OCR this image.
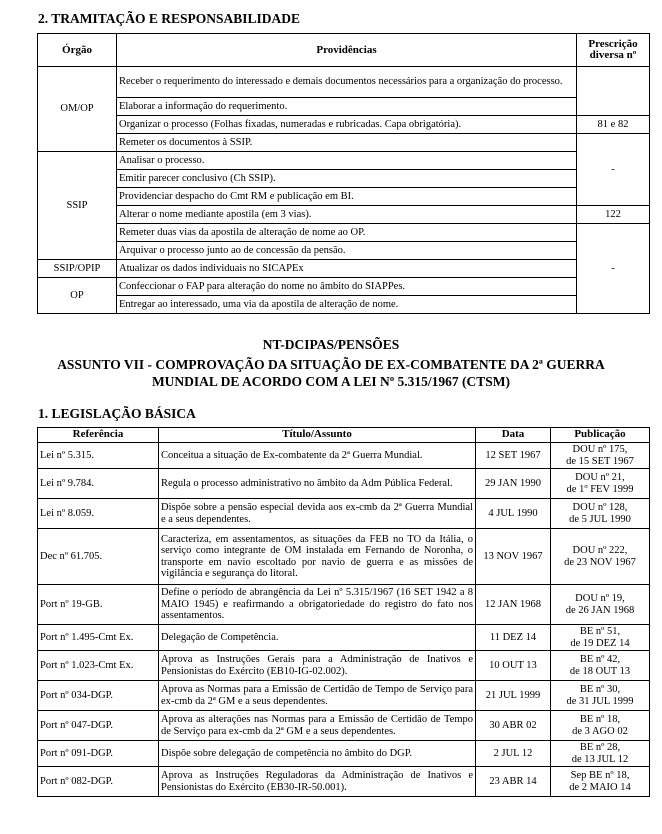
2. TRAMITAÇÃO E RESPONSABILIDADE
Órgão	Providências	Prescrição diversa nº
OM/OP	Receber o requerimento do interessado e demais documentos necessários para a organização do processo.	
	Elaborar a informação do requerimento.	
	Organizar o processo (Folhas fixadas, numeradas e rubricadas. Capa obrigatória).	81 e 82
	Remeter os documentos à SSIP.	-
SSIP	Analisar o processo.	
	Emitir parecer conclusivo (Ch SSIP).	
	Providenciar despacho do Cmt RM e publicação em BI.	
	Alterar o nome mediante apostila (em 3 vias).	122
	Remeter duas vias da apostila de alteração de nome ao OP.	-
	Arquivar o processo junto ao de concessão da pensão.	
SSIP/OPIP	Atualizar os dados individuais no SICAPEx	
OP	Confeccionar o FAP para alteração do nome no âmbito do SIAPPes.	
	Entregar ao interessado, uma via da apostila de alteração de nome.	
NT-DCIPAS/PENSÕES
ASSUNTO VII - COMPROVAÇÃO DA SITUAÇÃO DE EX-COMBATENTE DA 2ª GUERRA
MUNDIAL DE ACORDO COM A LEI Nº 5.315/1967 (CTSM)
1. LEGISLAÇÃO BÁSICA
Referência	Título/Assunto	Data	Publicação
Lei nº 5.315.	Conceitua a situação de Ex-combatente da 2ª Guerra Mundial.	12 SET 1967	DOU nº 175,
de 15 SET 1967

Lei nº 9.784.	Regula o processo administrativo no âmbito da Adm Pública Federal.	29 JAN 1990	DOU nº 21,
de 1º FEV 1999

Lei nº 8.059.	Dispõe sobre a pensão especial devida aos ex-cmb da 2ª Guerra Mundial e a seus dependentes.	4 JUL 1990	DOU nº 128,
de 5 JUL 1990

Dec nº 61.705.	Caracteriza, em assentamentos, as situações da FEB no TO da Itália, o serviço como integrante de OM instalada em Fernando de Noronha, o transporte em navio escoltado por navio de guerra e as missões de vigilância e segurança do litoral.	13 NOV 1967	DOU nº 222,
de 23 NOV 1967

Port nº 19-GB.	Define o período de abrangência da Lei nº 5.315/1967 (16 SET 1942 a 8 MAIO 1945) e reafirmando a obrigatoriedade do registro do fato nos assentamentos.	12 JAN 1968	DOU nº 19,
de 26 JAN 1968

Port nº 1.495-Cmt Ex.	Delegação de Competência.	11 DEZ 14	BE nº 51,
de 19 DEZ 14

Port nº 1.023-Cmt Ex.	Aprova as Instruções Gerais para a Administração de Inativos e Pensionistas do Exército (EB10-IG-02.002).	10 OUT 13	BE nº 42,
de 18 OUT 13

Port nº 034-DGP.	Aprova as Normas para a Emissão de Certidão de Tempo de Serviço para ex-cmb da 2ª GM e a seus dependentes.	21 JUL 1999	BE nº 30,
de 31 JUL 1999

Port nº 047-DGP.	Aprova as alterações nas Normas para a Emissão de Certidão de Tempo de Serviço para ex-cmb da 2ª GM e a seus dependentes.	30 ABR 02	BE nº 18,
de 3 AGO 02

Port nº 091-DGP.	Dispõe sobre delegação de competência no âmbito do DGP.	2 JUL 12	BE nº 28,
de 13 JUL 12

Port nº 082-DGP.	Aprova as Instruções Reguladoras da Administração de Inativos e Pensionistas do Exército (EB30-IR-50.001).	23 ABR 14	Sep BE nº 18,
de 2 MAIO 14
